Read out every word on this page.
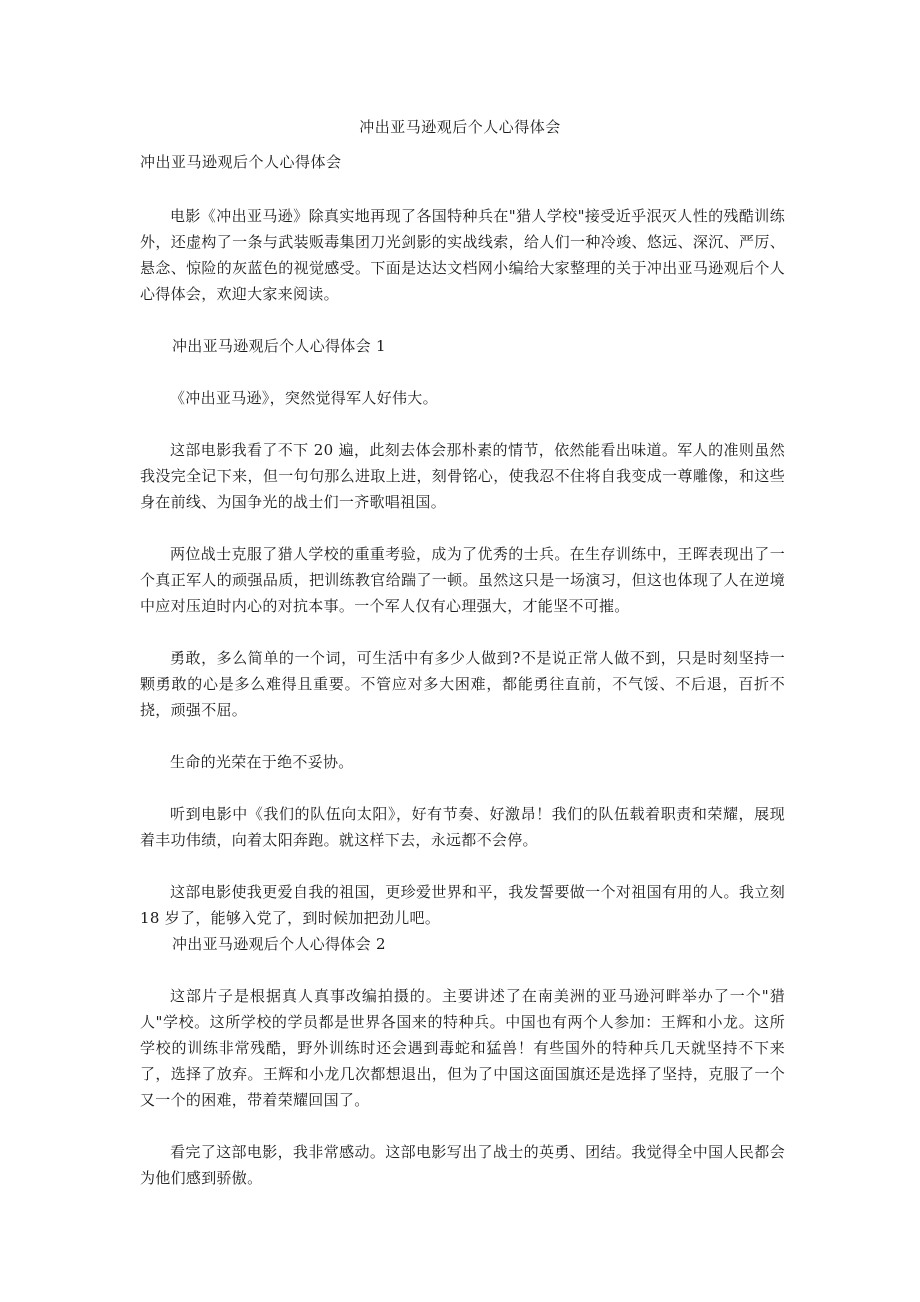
冲出亚马逊观后个人心得体会
冲出亚马逊观后个人心得体会

电影《冲出亚马逊》除真实地再现了各国特种兵在"猎人学校"接受近乎泯灭人性的残酷训练外，还虚构了一条与武装贩毒集团刀光剑影的实战线索，给人们一种冷竣、悠远、深沉、严厉、悬念、惊险的灰蓝色的视觉感受。下面是达达文档网小编给大家整理的关于冲出亚马逊观后个人心得体会，欢迎大家来阅读。

冲出亚马逊观后个人心得体会 1

《冲出亚马逊》，突然觉得军人好伟大。

这部电影我看了不下 20 遍，此刻去体会那朴素的情节，依然能看出味道。军人的准则虽然我没完全记下来，但一句句那么进取上进，刻骨铭心，使我忍不住将自我变成一尊雕像，和这些身在前线、为国争光的战士们一齐歌唱祖国。

两位战士克服了猎人学校的重重考验，成为了优秀的士兵。在生存训练中，王晖表现出了一个真正军人的顽强品质，把训练教官给踹了一顿。虽然这只是一场演习，但这也体现了人在逆境中应对压迫时内心的对抗本事。一个军人仅有心理强大，才能坚不可摧。

勇敢，多么简单的一个词，可生活中有多少人做到?不是说正常人做不到，只是时刻坚持一颗勇敢的心是多么难得且重要。不管应对多大困难，都能勇往直前，不气馁、不后退，百折不挠，顽强不屈。

生命的光荣在于绝不妥协。

听到电影中《我们的队伍向太阳》，好有节奏、好激昂！我们的队伍载着职责和荣耀，展现着丰功伟绩，向着太阳奔跑。就这样下去，永远都不会停。

这部电影使我更爱自我的祖国，更珍爱世界和平，我发誓要做一个对祖国有用的人。我立刻 18 岁了，能够入党了，到时候加把劲儿吧。

冲出亚马逊观后个人心得体会 2

这部片子是根据真人真事改编拍摄的。主要讲述了在南美洲的亚马逊河畔举办了一个"猎人"学校。这所学校的学员都是世界各国来的特种兵。中国也有两个人参加：王辉和小龙。这所学校的训练非常残酷，野外训练时还会遇到毒蛇和猛兽！有些国外的特种兵几天就坚持不下来了，选择了放弃。王辉和小龙几次都想退出，但为了中国这面国旗还是选择了坚持，克服了一个又一个的困难，带着荣耀回国了。

看完了这部电影，我非常感动。这部电影写出了战士的英勇、团结。我觉得全中国人民都会为他们感到骄傲。
